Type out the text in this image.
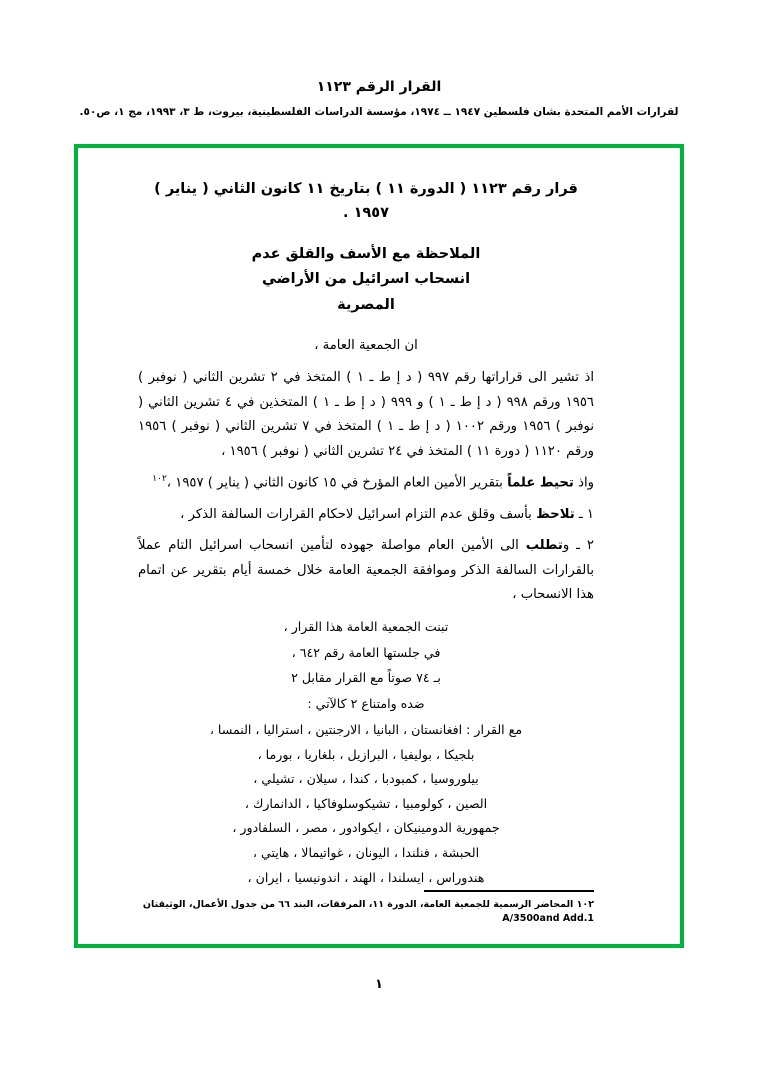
القرار الرقم ١١٢٣
لقرارات الأمم المتحدة بشان فلسطين ١٩٤٧ ــ ١٩٧٤، مؤسسة الدراسات الفلسطينية، بيروت، ط ٣، ١٩٩٣، مج ١، ص٥٠.
قرار رقم ١١٢٣ ( الدورة ١١ ) بتاريخ ١١ كانون الثاني ( يناير ) ١٩٥٧ .
الملاحظة مع الأسف والقلق عدم
انسحاب اسرائيل من الأراضي
المصرية

ان الجمعية العامة ،

اذ تشير الى قراراتها رقم ٩٩٧ ( د إ ط ـ ١ ) المتخذ في ٢ تشرين الثاني ( نوفبر ) ١٩٥٦ ورقم ٩٩٨ ( د إ ط ـ ١ ) و ٩٩٩ ( د إ ط ـ ١ ) المتخذين في ٤ تشرين الثاني ( نوفبر ) ١٩٥٦ ورقم ١٠٠٢ ( د إ ط ـ ١ ) المتخذ في ٧ تشرين الثاني ( نوفبر ) ١٩٥٦ ورقم ١١٢٠ ( دورة ١١ ) المتخذ في ٢٤ تشرين الثاني ( نوفبر ) ١٩٥٦ ،

واذ تحيط علماً بتقرير الأمين العام المؤرخ في ١٥ كانون الثاني ( يناير ) ١٩٥٧ ،$^{١٠٢}$

١ ـ تلاحظ بأسف وقلق عدم التزام اسرائيل لاحكام القرارات السالفة الذكر ،

٢ ـ وتطلب الى الأمين العام مواصلة جهوده لتأمين انسحاب اسرائيل التام عملاً بالقرارات السالفة الذكر وموافقة الجمعية العامة خلال خمسة أيام بتقرير عن اتمام هذا الانسحاب ،

تبنت الجمعية العامة هذا القرار ،

في جلستها العامة رقم ٦٤٢ ،

بـ ٧٤ صوتاً مع القرار مقابل ٢

ضده وامتناع ٢ كالآتي :

مع القرار : افغانستان ، البانيا ، الارجنتين ، استراليا ، النمسا ،

بلجيكا ، بوليفيا ، البرازيل ، بلغاريا ، بورما ،

بيلوروسيا ، كمبودبا ، كندا ، سيلان ، تشيلي ،

الصين ، كولومبيا ، تشيكوسلوفاكيا ، الدانمارك ،

جمهورية الدومينيكان ، ايكوادور ، مصر ، السلفادور ،

الحبشة ، فنلندا ، اليونان ، غواتيمالا ، هايتي ،

هندوراس ، ايسلندا ، الهند ، اندونيسيا ، ايران ،

١٠٢ المحاضر الرسمية للجمعية العامة، الدورة ١١، المرفقات، البند ٦٦ من جدول الأعمال، الوثيقتان A/3500and Add.1
١
